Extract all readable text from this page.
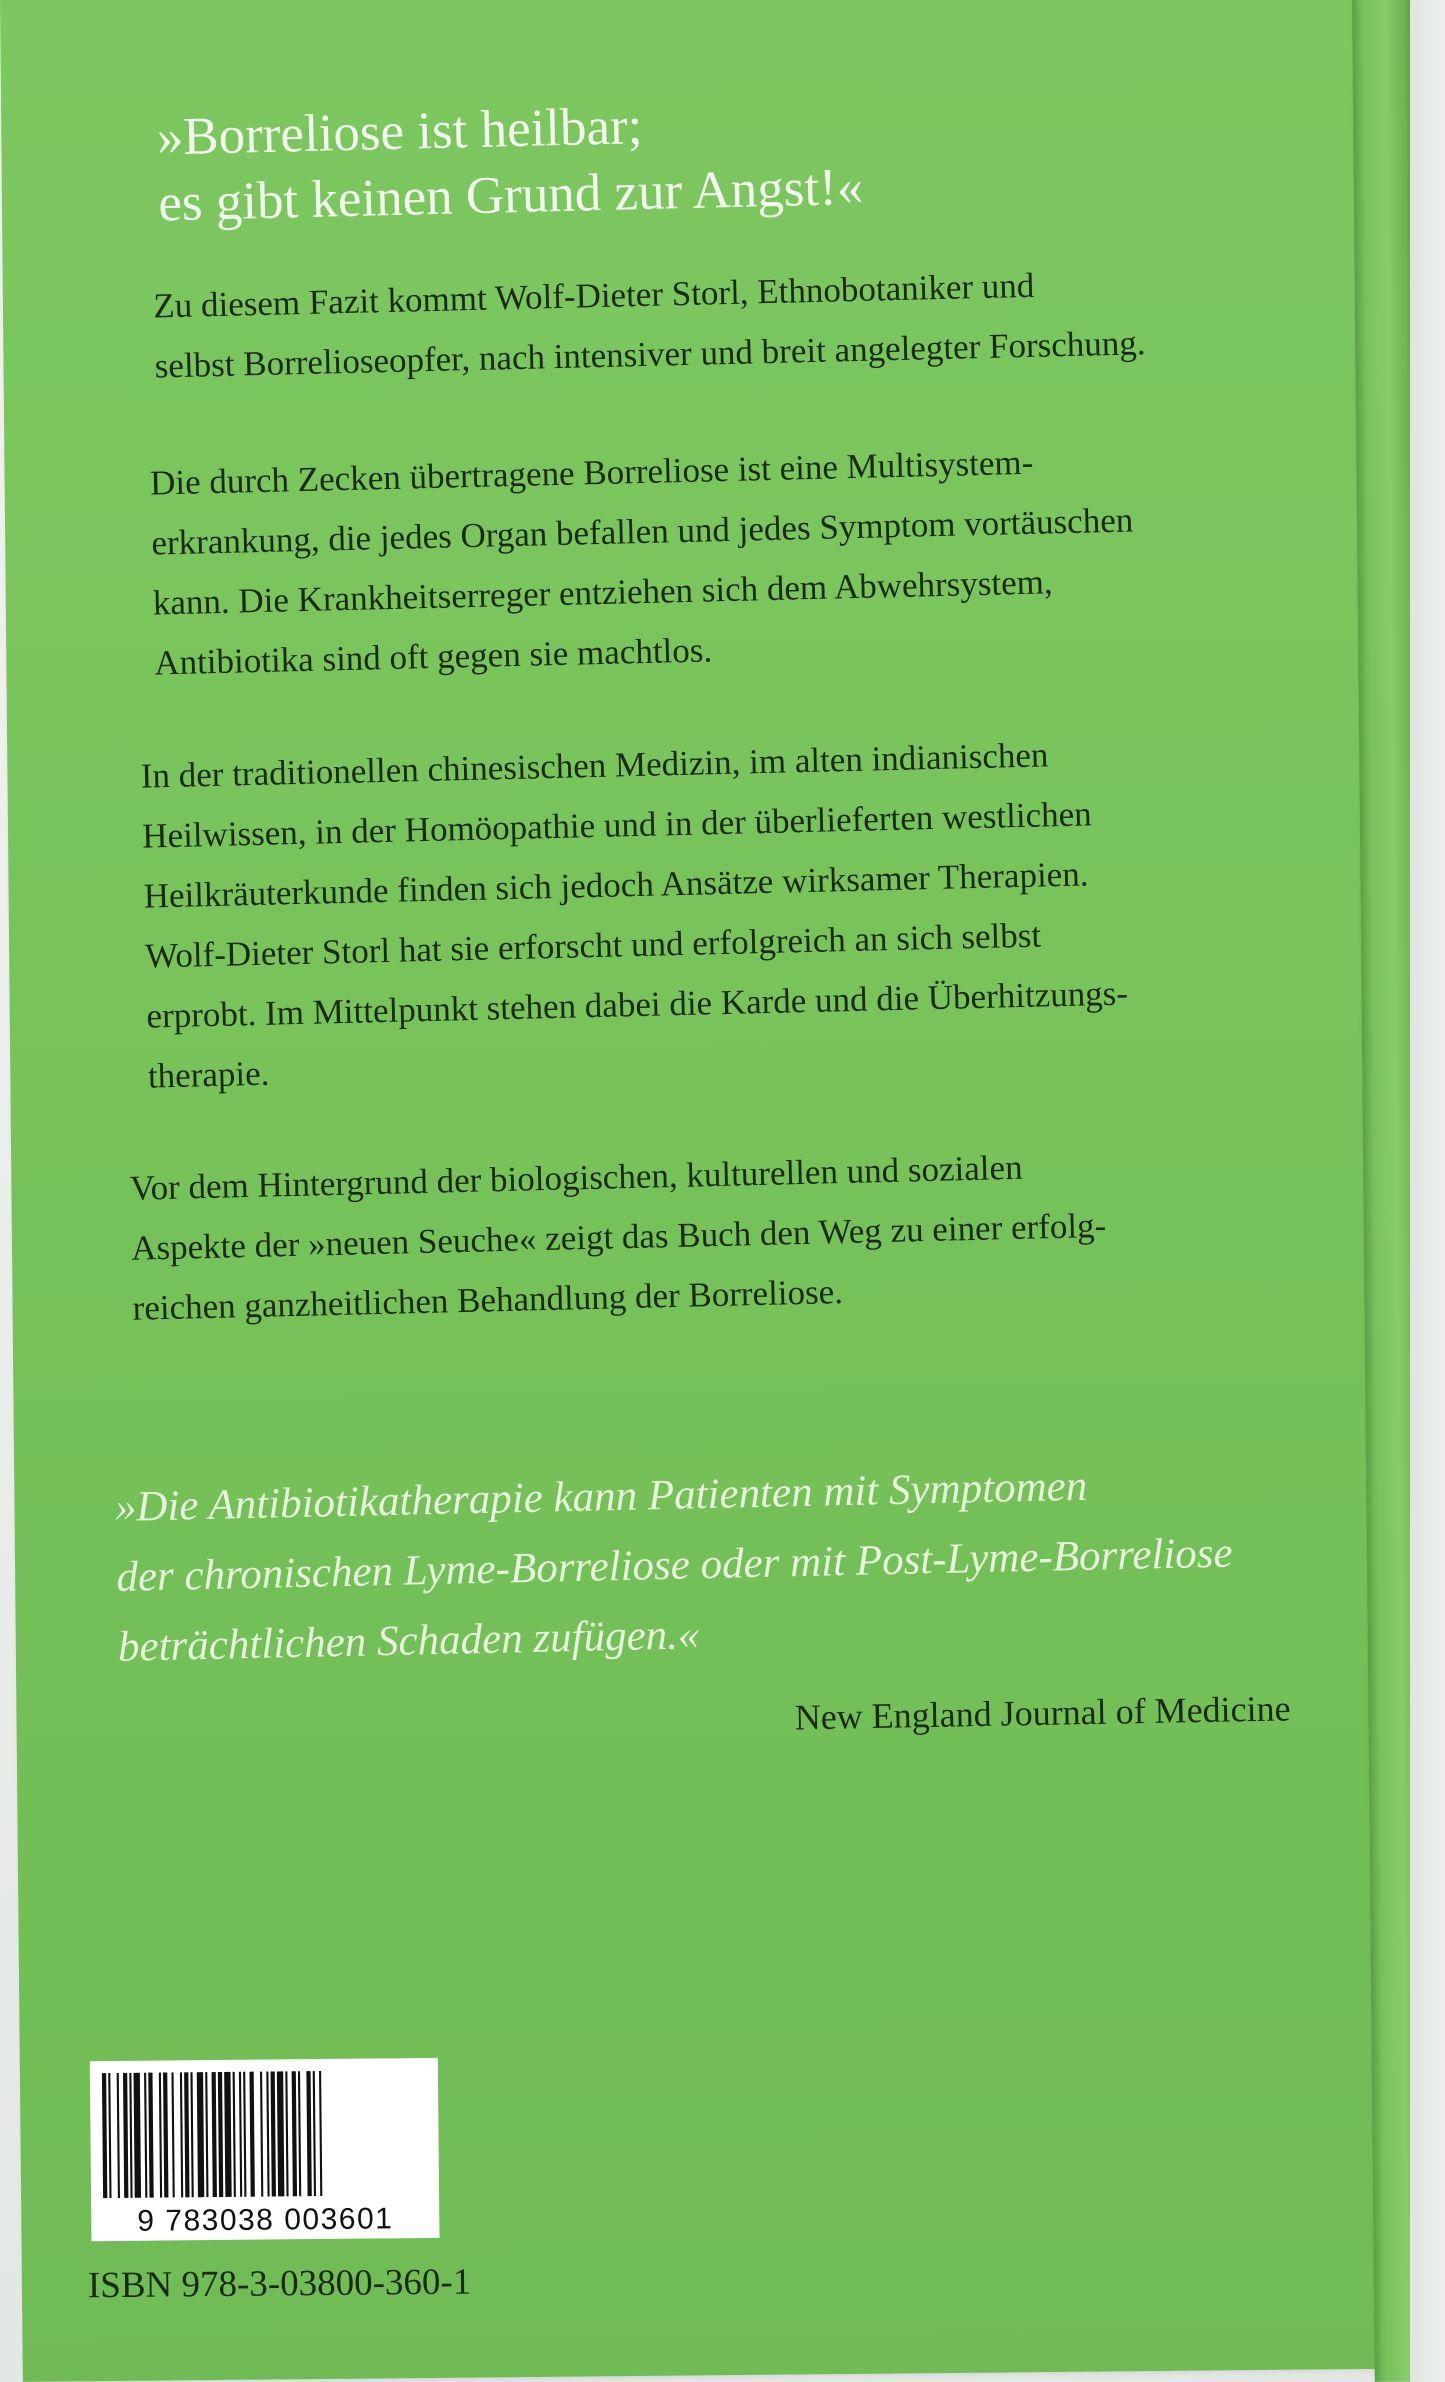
»Borreliose ist heilbar;
es gibt keinen Grund zur Angst!«
Zu diesem Fazit kommt Wolf-Dieter Storl, Ethnobotaniker und
selbst Borrelioseopfer, nach intensiver und breit angelegter Forschung.
Die durch Zecken übertragene Borreliose ist eine Multisystem-
erkrankung, die jedes Organ befallen und jedes Symptom vortäuschen
kann. Die Krankheitserreger entziehen sich dem Abwehrsystem,
Antibiotika sind oft gegen sie machtlos.
In der traditionellen chinesischen Medizin, im alten indianischen
Heilwissen, in der Homöopathie und in der überlieferten westlichen
Heilkräuterkunde finden sich jedoch Ansätze wirksamer Therapien.
Wolf-Dieter Storl hat sie erforscht und erfolgreich an sich selbst
erprobt. Im Mittelpunkt stehen dabei die Karde und die Überhitzungs-
therapie.
Vor dem Hintergrund der biologischen, kulturellen und sozialen
Aspekte der »neuen Seuche« zeigt das Buch den Weg zu einer erfolg-
reichen ganzheitlichen Behandlung der Borreliose.
»Die Antibiotikatherapie kann Patienten mit Symptomen
der chronischen Lyme-Borreliose oder mit Post-Lyme-Borreliose
beträchtlichen Schaden zufügen.«
New England Journal of Medicine
9 783038 003601
ISBN 978-3-03800-360-1
